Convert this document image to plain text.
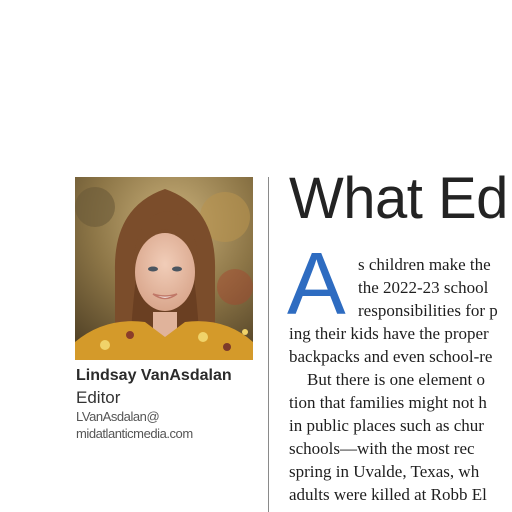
Lindsay VanAsdalan
Editor
LVanAsdalan@
midatlanticmedia.com
What Ed
A s children make the
the 2022-23 school
responsibilities for p
ing their kids have the proper
backpacks and even school-re
But there is one element o
tion that families might not h
in public places such as chur
schools—with the most rec
spring in Uvalde, Texas, wh
adults were killed at Robb El
